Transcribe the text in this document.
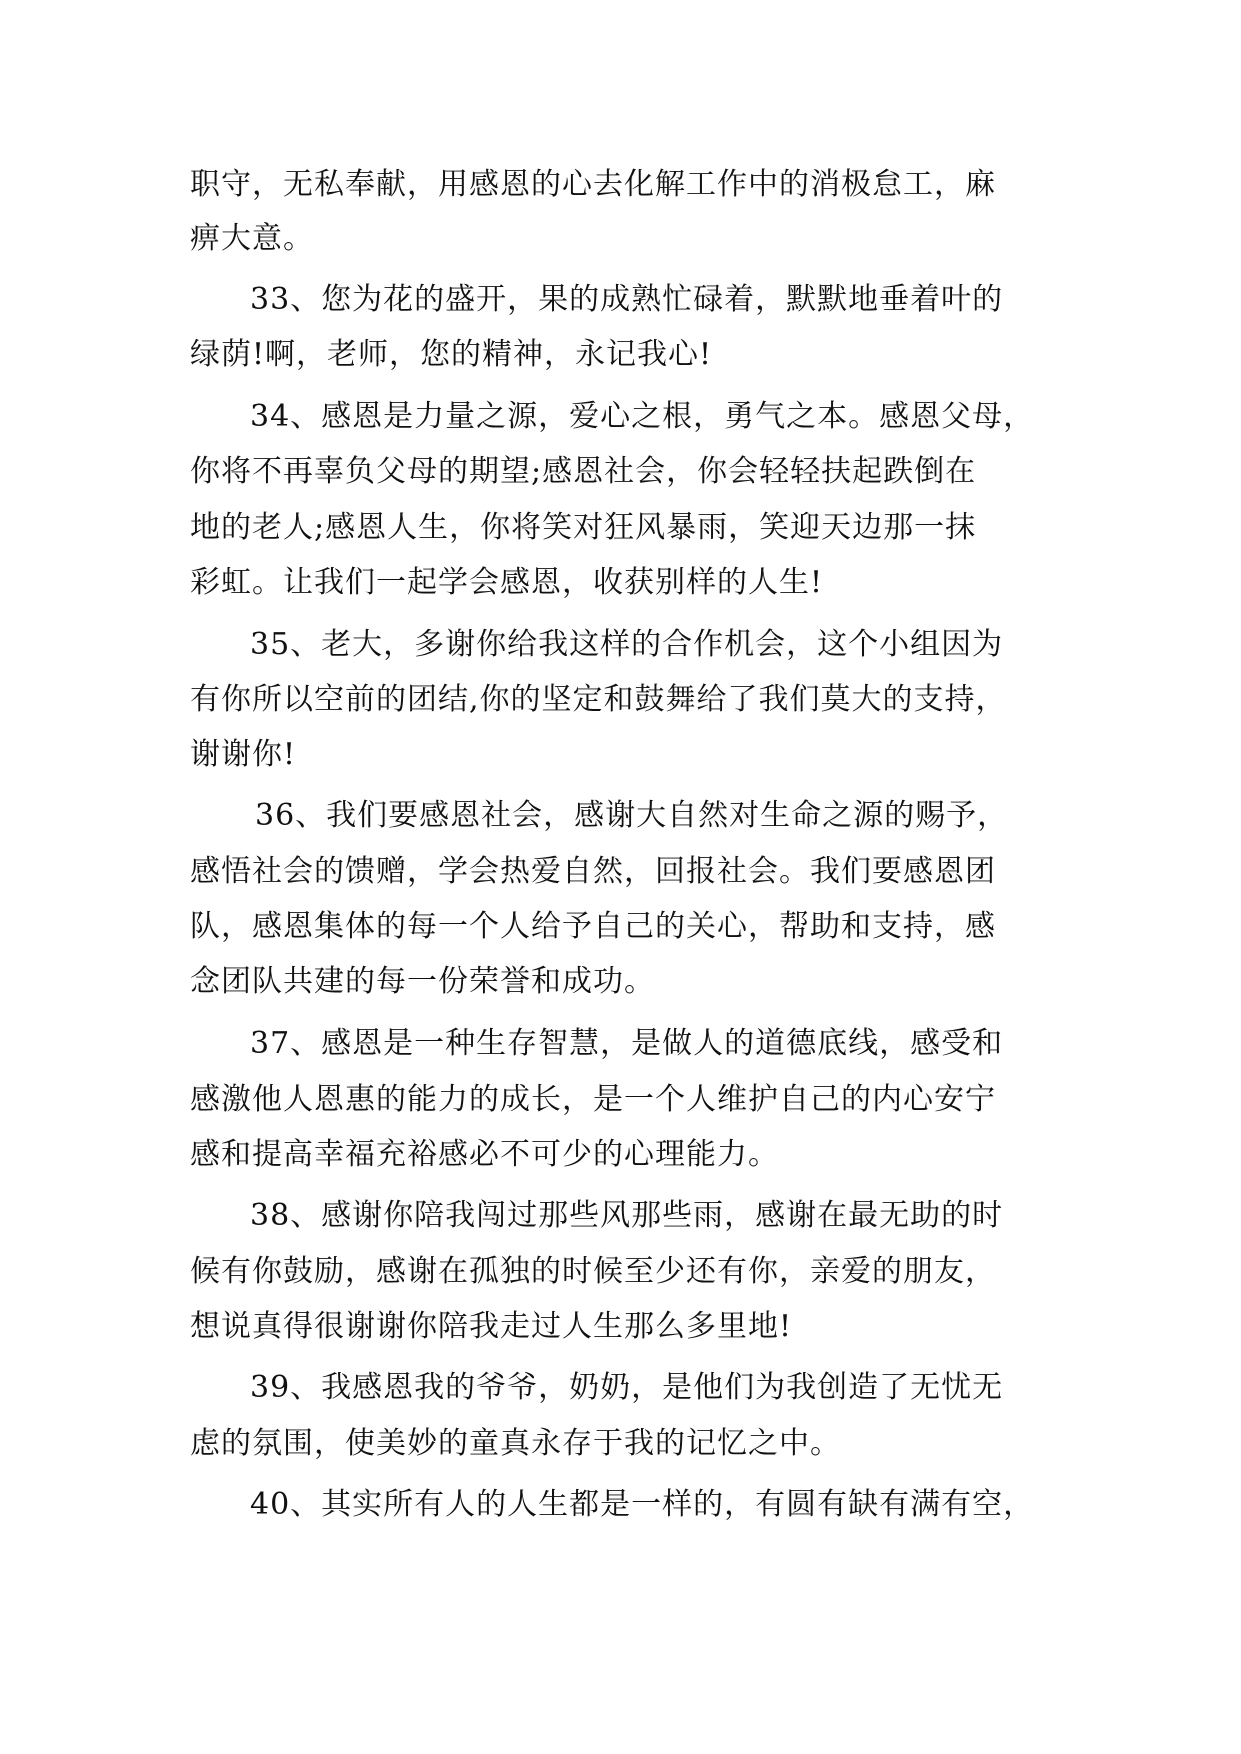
职守，无私奉献，用感恩的心去化解工作中的消极怠工，麻
痹大意。
33、您为花的盛开，果的成熟忙碌着，默默地垂着叶的
绿荫!啊，老师，您的精神，永记我心!
34、感恩是力量之源，爱心之根，勇气之本。感恩父母，
你将不再辜负父母的期望;感恩社会，你会轻轻扶起跌倒在
地的老人;感恩人生，你将笑对狂风暴雨，笑迎天边那一抹
彩虹。让我们一起学会感恩，收获别样的人生!
35、老大，多谢你给我这样的合作机会，这个小组因为
有你所以空前的团结,你的坚定和鼓舞给了我们莫大的支持，
谢谢你!
36、我们要感恩社会，感谢大自然对生命之源的赐予，
感悟社会的馈赠，学会热爱自然，回报社会。我们要感恩团
队，感恩集体的每一个人给予自己的关心，帮助和支持，感
念团队共建的每一份荣誉和成功。
37、感恩是一种生存智慧，是做人的道德底线，感受和
感激他人恩惠的能力的成长，是一个人维护自己的内心安宁
感和提高幸福充裕感必不可少的心理能力。
38、感谢你陪我闯过那些风那些雨，感谢在最无助的时
候有你鼓励，感谢在孤独的时候至少还有你，亲爱的朋友，
想说真得很谢谢你陪我走过人生那么多里地!
39、我感恩我的爷爷，奶奶，是他们为我创造了无忧无
虑的氛围，使美妙的童真永存于我的记忆之中。
40、其实所有人的人生都是一样的，有圆有缺有满有空，
